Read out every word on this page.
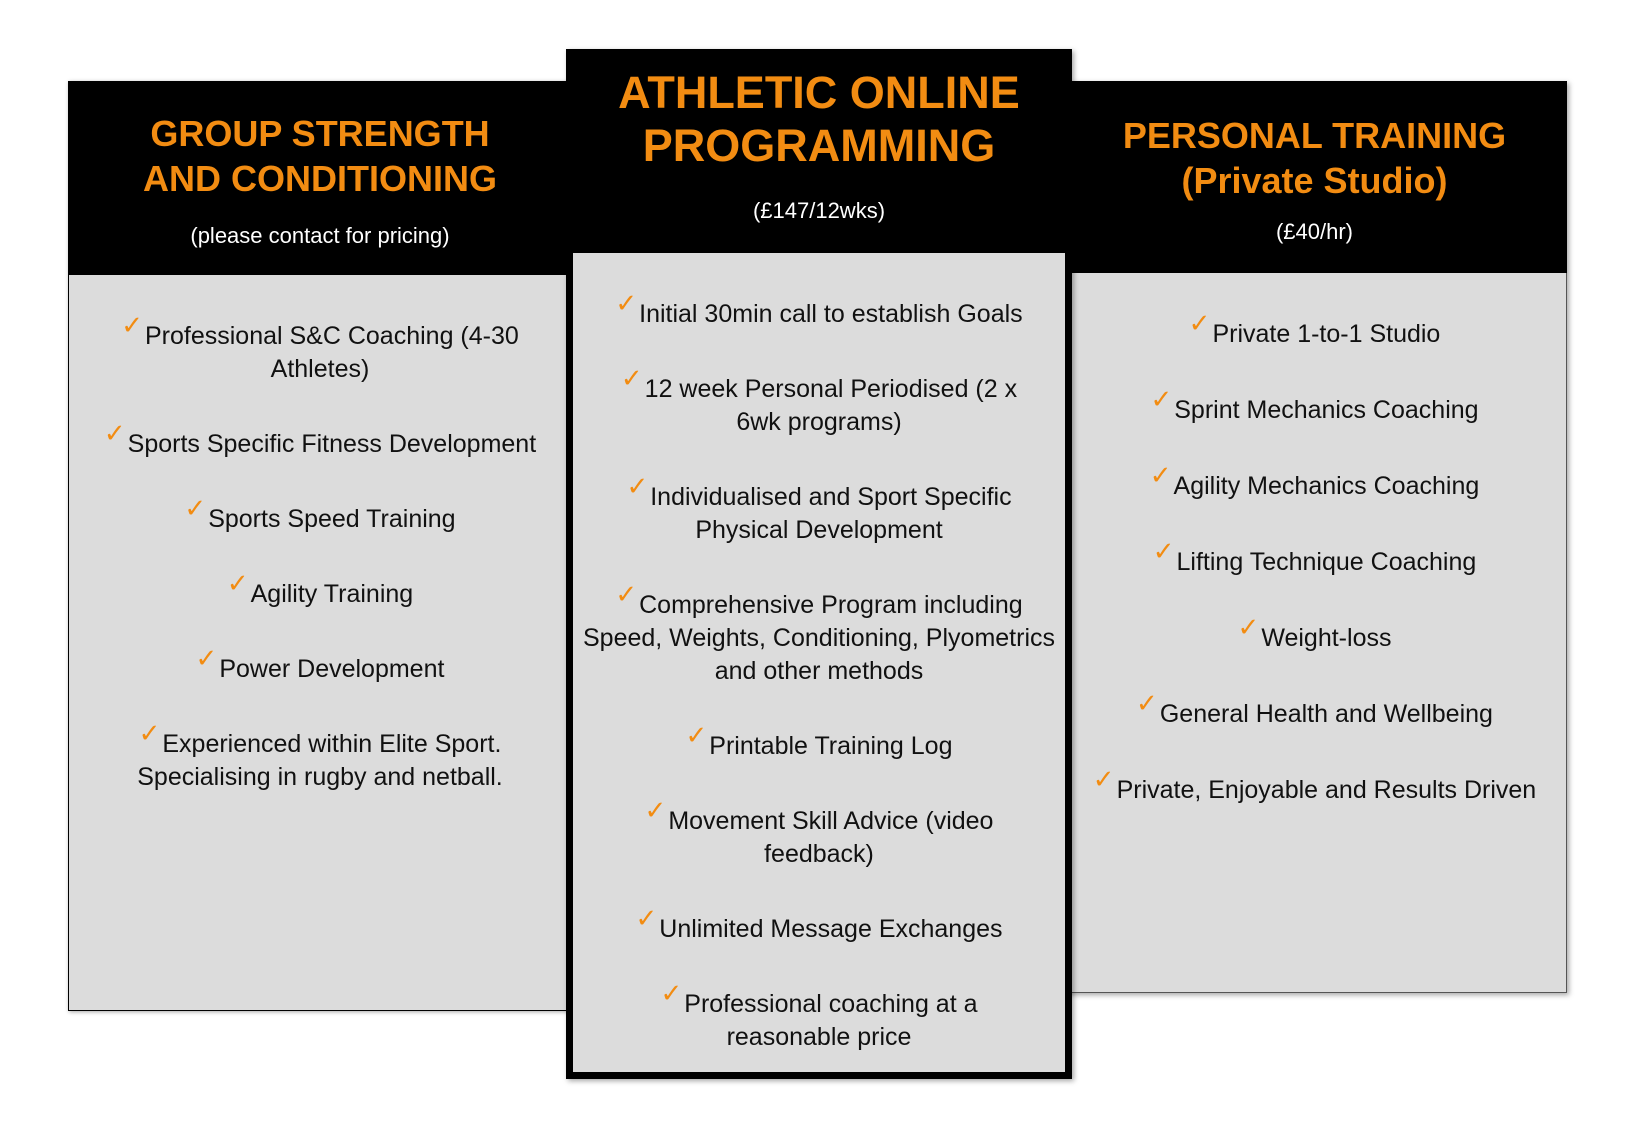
GROUP STRENGTH AND CONDITIONING
(please contact for pricing)
✓Professional S&C Coaching (4-30 Athletes)
✓Sports Specific Fitness Development
✓Sports Speed Training
✓Agility Training
✓Power Development
✓Experienced within Elite Sport. Specialising in rugby and netball.
PERSONAL TRAINING (Private Studio)
(£40/hr)
✓Private 1-to-1 Studio
✓Sprint Mechanics Coaching
✓Agility Mechanics Coaching
✓Lifting Technique Coaching
✓Weight-loss
✓General Health and Wellbeing
✓Private, Enjoyable and Results Driven
ATHLETIC ONLINE PROGRAMMING
(£147/12wks)
✓Initial 30min call to establish Goals
✓12 week Personal Periodised (2 x 6wk programs)
✓Individualised and Sport Specific Physical Development
✓Comprehensive Program including Speed, Weights, Conditioning, Plyometrics and other methods
✓Printable Training Log
✓Movement Skill Advice (video feedback)
✓Unlimited Message Exchanges
✓Professional coaching at a reasonable price
